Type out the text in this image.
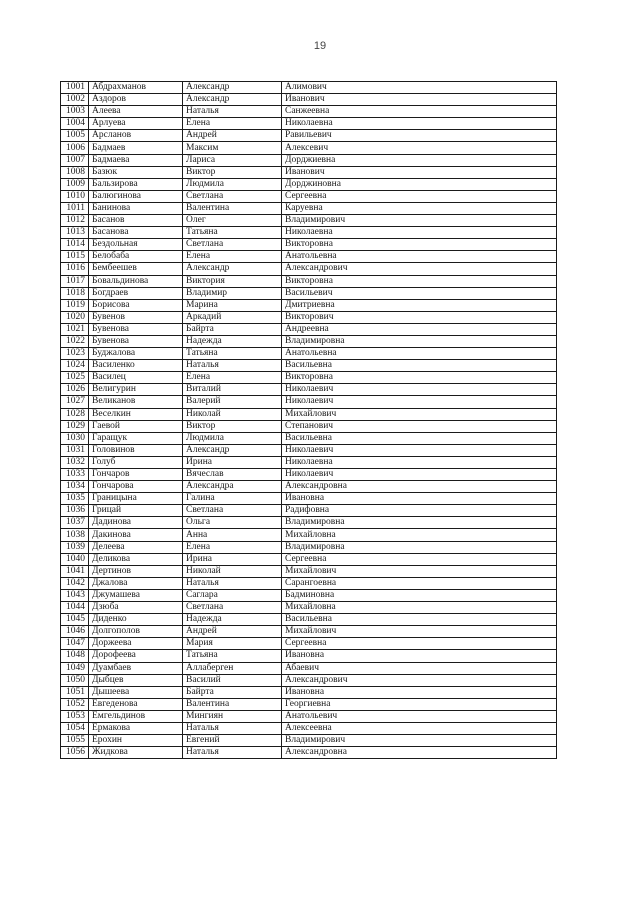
19
1001	Абдрахманов	Александр	Алимович
1002	Аздоров	Александр	Иванович
1003	Алеева	Наталья	Санжеевна
1004	Арлуева	Елена	Николаевна
1005	Арсланов	Андрей	Равильевич
1006	Бадмаев	Максим	Алексевич
1007	Бадмаева	Лариса	Дорджиевна
1008	Базюк	Виктор	Иванович
1009	Бальзирова	Людмила	Дорджиновна
1010	Балюгинова	Светлана	Сергеевна
1011	Банинова	Валентина	Каруевна
1012	Басанов	Олег	Владимирович
1013	Басанова	Татьяна	Николаевна
1014	Бездольная	Светлана	Викторовна
1015	Белобаба	Елена	Анатольевна
1016	Бембеешев	Александр	Александрович
1017	Бовальдинова	Виктория	Викторовна
1018	Богдраев	Владимир	Васильевич
1019	Борисова	Марина	Дмитриевна
1020	Бувенов	Аркадий	Викторович
1021	Бувенова	Байрта	Андреевна
1022	Бувенова	Надежда	Владимировна
1023	Буджалова	Татьяна	Анатольевна
1024	Василенко	Наталья	Васильевна
1025	Василец	Елена	Викторовна
1026	Велигурин	Виталий	Николаевич
1027	Великанов	Валерий	Николаевич
1028	Веселкин	Николай	Михайлович
1029	Гаевой	Виктор	Степанович
1030	Гаращук	Людмила	Васильевна
1031	Головинов	Александр	Николаевич
1032	Голуб	Ирина	Николаевна
1033	Гончаров	Вячеслав	Николаевич
1034	Гончарова	Александра	Александровна
1035	Границына	Галина	Ивановна
1036	Грицай	Светлана	Радифовна
1037	Дадинова	Ольга	Владимировна
1038	Дакинова	Анна	Михайловна
1039	Делеева	Елена	Владимировна
1040	Деликова	Ирина	Сергеевна
1041	Дертинов	Николай	Михайлович
1042	Джалова	Наталья	Сарангоевна
1043	Джумашева	Саглара	Бадминовна
1044	Дзюба	Светлана	Михайловна
1045	Диденко	Надежда	Васильевна
1046	Долгополов	Андрей	Михайлович
1047	Доржеева	Мария	Сергеевна
1048	Дорофеева	Татьяна	Ивановна
1049	Дуамбаев	Аллаберген	Абаевич
1050	Дыбцев	Василий	Александрович
1051	Дышеева	Байрта	Ивановна
1052	Евгеденова	Валентина	Георгиевна
1053	Емгельдинов	Мингиян	Анатольевич
1054	Ермакова	Наталья	Алексеевна
1055	Ерохин	Евгений	Владимирович
1056	Жидкова	Наталья	Александровна
